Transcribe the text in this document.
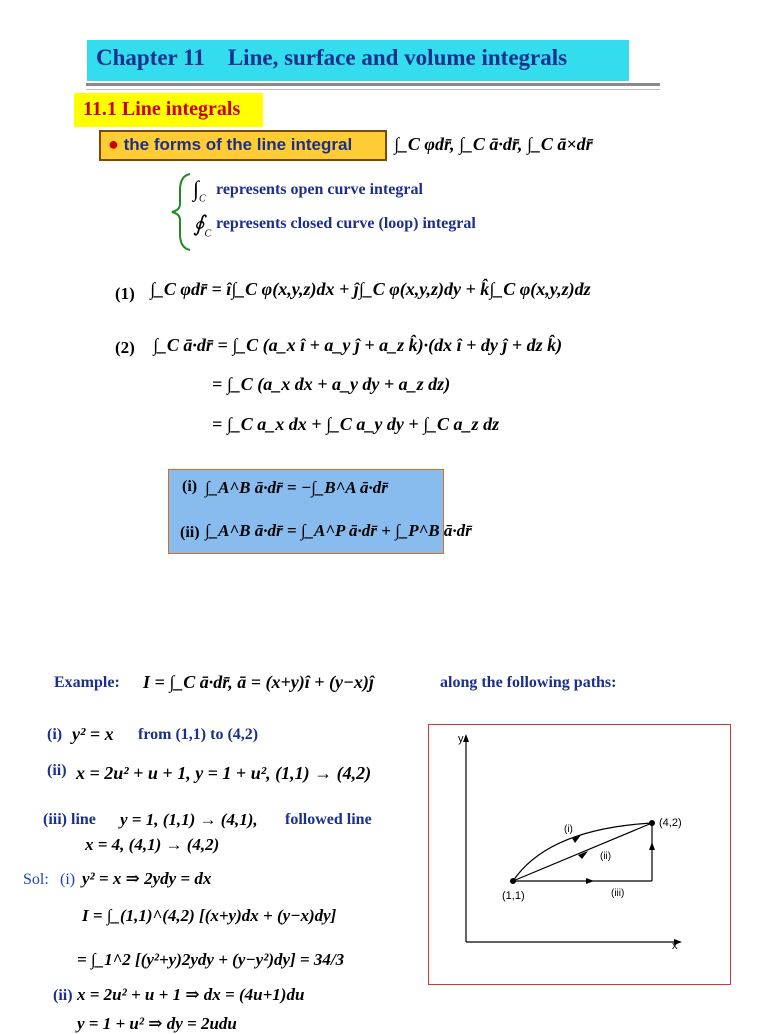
Chapter 11    Line, surface and volume integrals
11.1 Line integrals
● the forms of the line integral ∫_C φdr̄, ∫_C ā·dr̄, ∫_C ā×dr̄
$\int_C$
represents open curve integral
$∮_C$
represents closed curve (loop) integral
(1) ∫_C φdr̄ = î∫_C φ(x,y,z)dx + ĵ∫_C φ(x,y,z)dy + k̂∫_C φ(x,y,z)dz
(2) ∫_C ā·dr̄ = ∫_C (a_x î + a_y ĵ + a_z k̂)·(dx î + dy ĵ + dz k̂)
= ∫_C (a_x dx + a_y dy + a_z dz)
= ∫_C a_x dx + ∫_C a_y dy + ∫_C a_z dz
(i) ∫_A^B ā·dr̄ = −∫_B^A ā·dr̄
(ii) ∫_A^B ā·dr̄ = ∫_A^P ā·dr̄ + ∫_P^B ā·dr̄
Example: I = ∫_C ā·dr̄, ā = (x+y)î + (y−x)ĵ	along the following paths:
(i) y² = x from (1,1) to (4,2)
(ii) x = 2u² + u + 1, y = 1 + u², (1,1) → (4,2)
(iii) line y = 1, (1,1) → (4,1), followed line
x = 4, (4,1) → (4,2)
Sol: (i) y² = x ⇒ 2ydy = dx
I = ∫_(1,1)^(4,2) [(x+y)dx + (y−x)dy]
= ∫_1^2 [(y²+y)2ydy + (y−y²)dy] = 34/3
(ii) x = 2u² + u + 1 ⇒ dx = (4u+1)du
y = 1 + u² ⇒ dy = 2udu
y
x
(1,1)
(4,2)
(i)
(ii)
(iii)
